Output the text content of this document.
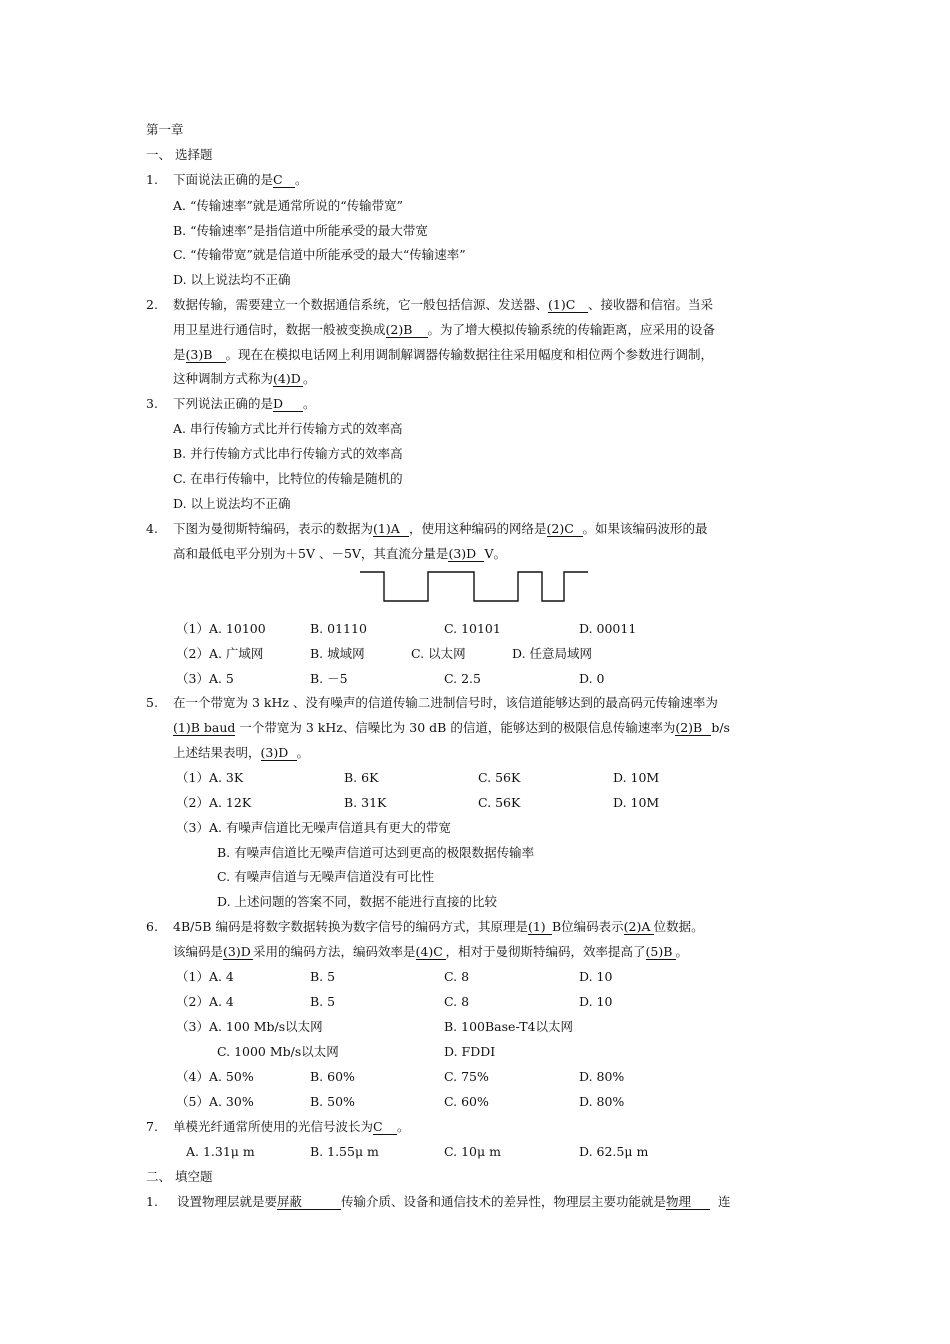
第一章
一、 选择题
1. 下面说法正确的是C 。
A. “传输速率”就是通常所说的“传输带宽”
B. “传输速率”是指信道中所能承受的最大带宽
C. “传输带宽”就是信道中所能承受的最大“传输速率”
D. 以上说法均不正确
2. 数据传输，需要建立一个数据通信系统，它一般包括信源、发送器、(1)C 、接收器和信宿。当采
用卫星进行通信时，数据一般被变换成(2)B 。为了增大模拟传输系统的传输距离，应采用的设备
是(3)B 。现在在模拟电话网上利用调制解调器传输数据往往采用幅度和相位两个参数进行调制，
这种调制方式称为(4)D 。
3. 下列说法正确的是D 。
A. 串行传输方式比并行传输方式的效率高
B. 并行传输方式比串行传输方式的效率高
C. 在串行传输中，比特位的传输是随机的
D. 以上说法均不正确
4. 下图为曼彻斯特编码，表示的数据为(1)A ，使用这种编码的网络是(2)C 。如果该编码波形的最
高和最低电平分别为＋5V 、－5V，其直流分量是(3)D V。
（1）A. 10100	B. 01110	C. 10101	D. 00011
（2）A. 广域网	B. 城域网	C. 以太网	D. 任意局域网
（3）A. 5	B. －5	C. 2.5	D. 0
5. 在一个带宽为 3 kHz 、没有噪声的信道传输二进制信号时，该信道能够达到的最高码元传输速率为
(1)B baud 一个带宽为 3 kHz、信噪比为 30 dB 的信道，能够达到的极限信息传输速率为(2)B b/s
上述结果表明，(3)D 。
（1）A. 3K	B. 6K	C. 56K	D. 10M
（2）A. 12K	B. 31K	C. 56K	D. 10M
（3）A. 有噪声信道比无噪声信道具有更大的带宽
B. 有噪声信道比无噪声信道可达到更高的极限数据传输率
C. 有噪声信道与无噪声信道没有可比性
D. 上述问题的答案不同，数据不能进行直接的比较
6. 4B/5B 编码是将数字数据转换为数字信号的编码方式，其原理是(1) B位编码表示(2)A 位数据。
该编码是(3)D 采用的编码方法，编码效率是(4)C ，相对于曼彻斯特编码，效率提高了(5)B 。
（1）A. 4	B. 5	C. 8	D. 10
（2）A. 4	B. 5	C. 8	D. 10
（3）A. 100 Mb/s以太网	B. 100Base-T4以太网
C. 1000 Mb/s以太网	D. FDDI
（4）A. 50%	B. 60%	C. 75%	D. 80%
（5）A. 30%	B. 50%	C. 60%	D. 80%
7. 单模光纤通常所使用的光信号波长为C 。
A. 1.31μ m	B. 1.55μ m	C. 10μ m	D. 62.5μ m
二、 填空题
1. 设置物理层就是要屏蔽	传输介质、设备和通信技术的差异性，物理层主要功能就是物理 连
